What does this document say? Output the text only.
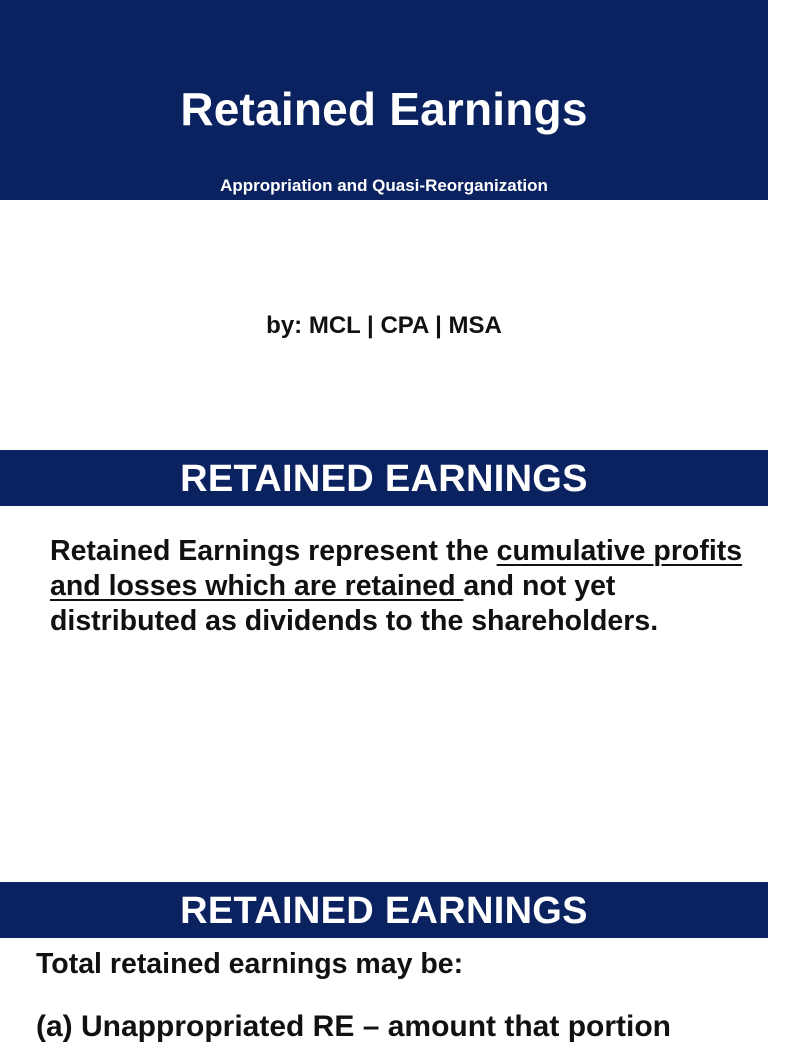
Retained Earnings
Appropriation and Quasi-Reorganization
by: MCL | CPA | MSA
RETAINED EARNINGS
Retained Earnings represent the cumulative profits and losses which are retained and not yet distributed as dividends to the shareholders.
RETAINED EARNINGS
Total retained earnings may be:
(a) Unappropriated RE – amount that portion
